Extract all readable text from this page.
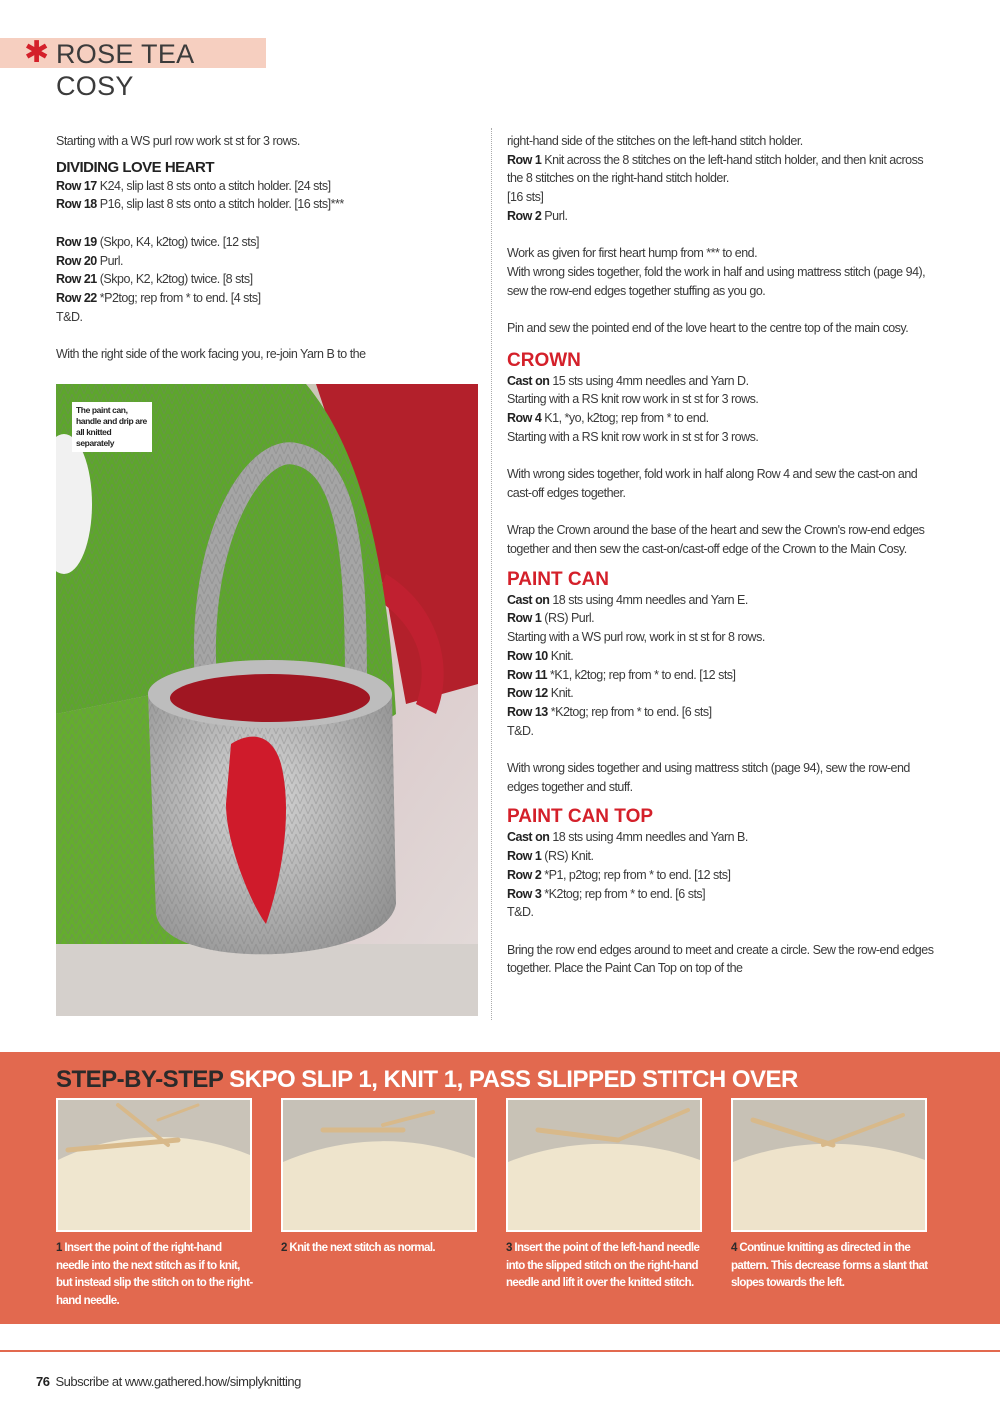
✱ ROSE TEA COSY

Starting with a WS purl row work st st for 3 rows.

DIVIDING LOVE HEART

Row 17 K24, slip last 8 sts onto a stitch holder. [24 sts]

Row 18 P16, slip last 8 sts onto a stitch holder. [16 sts]***

Row 19 (Skpo, K4, k2tog) twice. [12 sts]

Row 20 Purl.

Row 21 (Skpo, K2, k2tog) twice. [8 sts]

Row 22 *P2tog; rep from * to end. [4 sts]

T&D.

With the right side of the work facing you, re-join Yarn B to the

The paint can, handle and drip are all knitted separately

right-hand side of the stitches on the left-hand stitch holder.

Row 1 Knit across the 8 stitches on the left-hand stitch holder, and then knit across the 8 stitches on the right-hand stitch holder.

[16 sts]

Row 2 Purl.

Work as given for first heart hump from *** to end.

With wrong sides together, fold the work in half and using mattress stitch (page 94), sew the row-end edges together stuffing as you go.

Pin and sew the pointed end of the love heart to the centre top of the main cosy.

CROWN

Cast on 15 sts using 4mm needles and Yarn D.

Starting with a RS knit row work in st st for 3 rows.

Row 4 K1, *yo, k2tog; rep from * to end.

Starting with a RS knit row work in st st for 3 rows.

With wrong sides together, fold work in half along Row 4 and sew the cast-on and cast-off edges together.

Wrap the Crown around the base of the heart and sew the Crown's row-end edges together and then sew the cast-on/cast-off edge of the Crown to the Main Cosy.

PAINT CAN

Cast on 18 sts using 4mm needles and Yarn E.

Row 1 (RS) Purl.

Starting with a WS purl row, work in st st for 8 rows.

Row 10 Knit.

Row 11 *K1, k2tog; rep from * to end. [12 sts]

Row 12 Knit.

Row 13 *K2tog; rep from * to end. [6 sts]

T&D.

With wrong sides together and using mattress stitch (page 94), sew the row-end edges together and stuff.

PAINT CAN TOP

Cast on 18 sts using 4mm needles and Yarn B.

Row 1 (RS) Knit.

Row 2 *P1, p2tog; rep from * to end. [12 sts]

Row 3 *K2tog; rep from * to end. [6 sts]

T&D.

Bring the row end edges around to meet and create a circle. Sew the row-end edges together. Place the Paint Can Top on top of the

STEP-BY-STEP SKPO SLIP 1, KNIT 1, PASS SLIPPED STITCH OVER
1 Insert the point of the right-hand needle into the next stitch as if to knit, but instead slip the stitch on to the right-hand needle.
2 Knit the next stitch as normal.	3 Insert the point of the left-hand needle into the slipped stitch on the right-hand needle and lift it over the knitted stitch.
4 Continue knitting as directed in the pattern. This decrease forms a slant that slopes towards the left.
76 Subscribe at www.gathered.how/simplyknitting
